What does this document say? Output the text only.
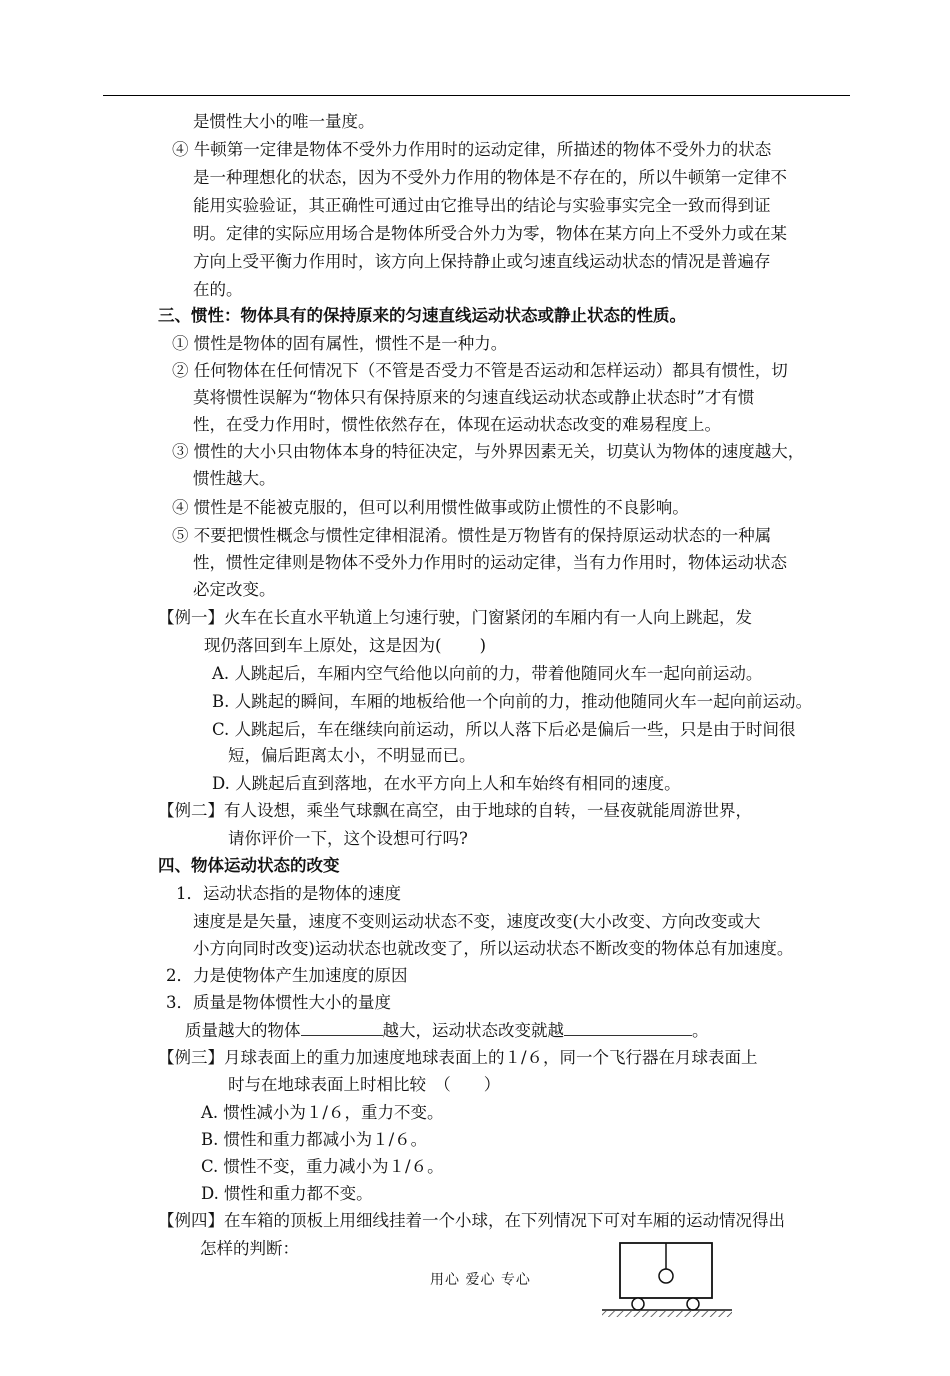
是惯性大小的唯一量度。
④ 牛顿第一定律是物体不受外力作用时的运动定律，所描述的物体不受外力的状态
是一种理想化的状态，因为不受外力作用的物体是不存在的，所以牛顿第一定律不
能用实验验证，其正确性可通过由它推导出的结论与实验事实完全一致而得到证
明。定律的实际应用场合是物体所受合外力为零，物体在某方向上不受外力或在某
方向上受平衡力作用时，该方向上保持静止或匀速直线运动状态的情况是普遍存
在的。
三、惯性：物体具有的保持原来的匀速直线运动状态或静止状态的性质。
① 惯性是物体的固有属性，惯性不是一种力。
② 任何物体在任何情况下（不管是否受力不管是否运动和怎样运动）都具有惯性，切
莫将惯性误解为“物体只有保持原来的匀速直线运动状态或静止状态时”才有惯
性，在受力作用时，惯性依然存在，体现在运动状态改变的难易程度上。
③ 惯性的大小只由物体本身的特征决定，与外界因素无关，切莫认为物体的速度越大，
惯性越大。
④ 惯性是不能被克服的，但可以利用惯性做事或防止惯性的不良影响。
⑤ 不要把惯性概念与惯性定律相混淆。惯性是万物皆有的保持原运动状态的一种属
性，惯性定律则是物体不受外力作用时的运动定律，当有力作用时，物体运动状态
必定改变。
【例一】火车在长直水平轨道上匀速行驶，门窗紧闭的车厢内有一人向上跳起，发
现仍落回到车上原处，这是因为(　　 )
A. 人跳起后，车厢内空气给他以向前的力，带着他随同火车一起向前运动。
B. 人跳起的瞬间，车厢的地板给他一个向前的力，推动他随同火车一起向前运动。
C. 人跳起后，车在继续向前运动，所以人落下后必是偏后一些，只是由于时间很
短，偏后距离太小，不明显而已。
D. 人跳起后直到落地，在水平方向上人和车始终有相同的速度。
【例二】有人设想，乘坐气球飘在高空，由于地球的自转，一昼夜就能周游世界，
请你评价一下，这个设想可行吗?
四、物体运动状态的改变
1．运动状态指的是物体的速度
速度是是矢量，速度不变则运动状态不变，速度改变(大小改变、方向改变或大
小方向同时改变)运动状态也就改变了，所以运动状态不断改变的物体总有加速度。
2．力是使物体产生加速度的原因
3．质量是物体惯性大小的量度
质量越大的物体	越大，运动状态改变就越	。
【例三】月球表面上的重力加速度地球表面上的１/６，同一个飞行器在月球表面上
时与在地球表面上时相比较　（　　）
A. 惯性减小为１/６，重力不变。
B. 惯性和重力都减小为１/６。
C. 惯性不变，重力减小为１/６。
D. 惯性和重力都不变。
【例四】在车箱的顶板上用细线挂着一个小球，在下列情况下可对车厢的运动情况得出
怎样的判断：
用心 爱心 专心
